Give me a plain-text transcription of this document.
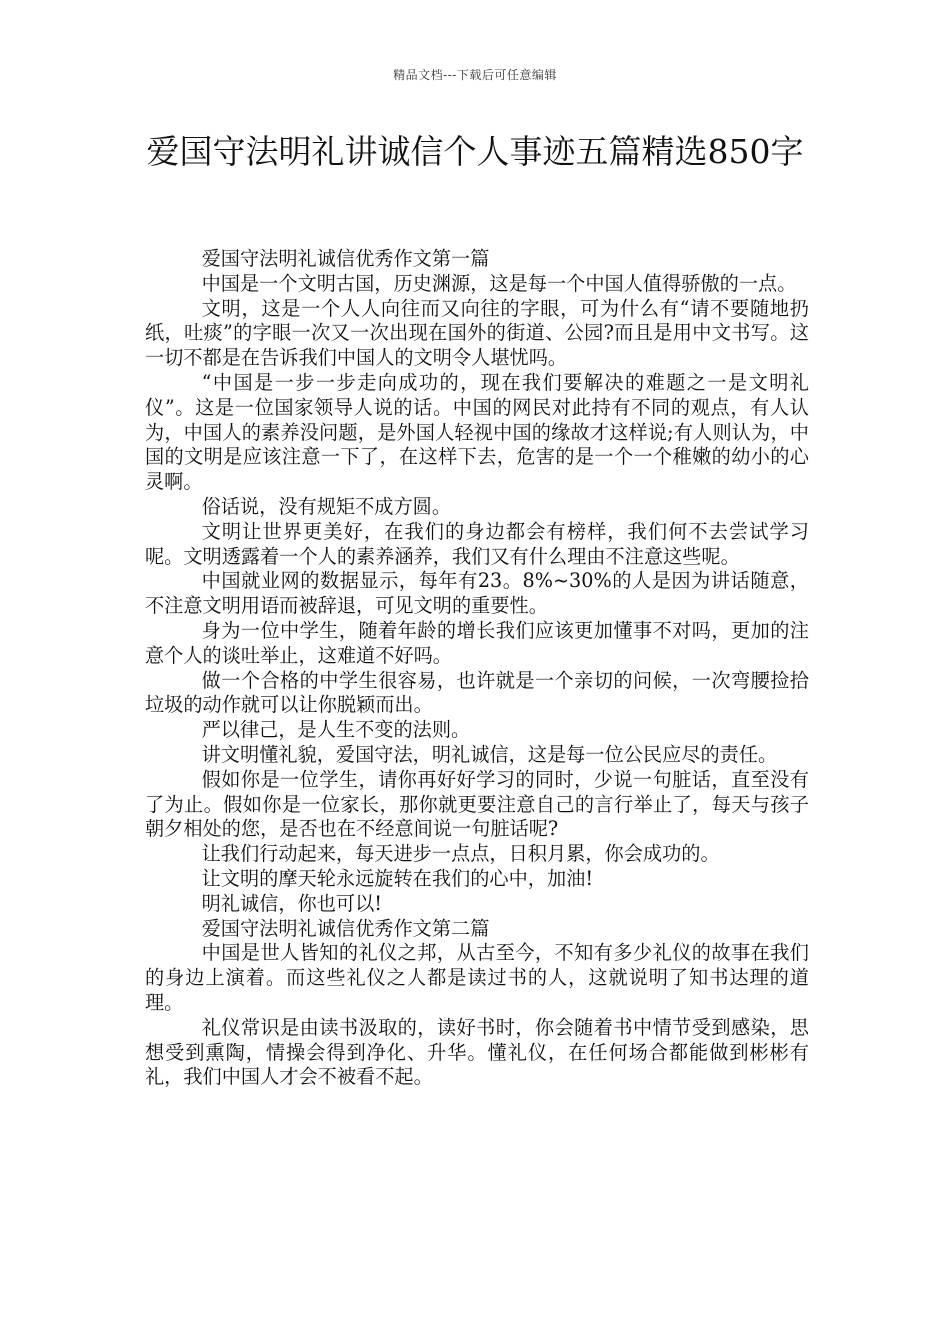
精品文档---下载后可任意编辑
爱国守法明礼讲诚信个人事迹五篇精选850字

爱国守法明礼诚信优秀作文第一篇

中国是一个文明古国，历史渊源，这是每一个中国人值得骄傲的一点。

文明，这是一个人人向往而又向往的字眼，可为什么有“请不要随地扔纸，吐痰”的字眼一次又一次出现在国外的街道、公园?而且是用中文书写。这一切不都是在告诉我们中国人的文明令人堪忧吗。

“中国是一步一步走向成功的，现在我们要解决的难题之一是文明礼仪”。这是一位国家领导人说的话。中国的网民对此持有不同的观点，有人认为，中国人的素养没问题，是外国人轻视中国的缘故才这样说;有人则认为，中国的文明是应该注意一下了，在这样下去，危害的是一个一个稚嫩的幼小的心灵啊。

俗话说，没有规矩不成方圆。

文明让世界更美好，在我们的身边都会有榜样，我们何不去尝试学习呢。文明透露着一个人的素养涵养，我们又有什么理由不注意这些呢。

中国就业网的数据显示，每年有23。8%~30%的人是因为讲话随意，不注意文明用语而被辞退，可见文明的重要性。

身为一位中学生，随着年龄的增长我们应该更加懂事不对吗，更加的注意个人的谈吐举止，这难道不好吗。

做一个合格的中学生很容易，也许就是一个亲切的问候，一次弯腰捡拾垃圾的动作就可以让你脱颖而出。

严以律己，是人生不变的法则。

讲文明懂礼貌，爱国守法，明礼诚信，这是每一位公民应尽的责任。

假如你是一位学生，请你再好好学习的同时，少说一句脏话，直至没有了为止。假如你是一位家长，那你就更要注意自己的言行举止了，每天与孩子朝夕相处的您，是否也在不经意间说一句脏话呢?

让我们行动起来，每天进步一点点，日积月累，你会成功的。

让文明的摩天轮永远旋转在我们的心中，加油!

明礼诚信，你也可以!

爱国守法明礼诚信优秀作文第二篇

中国是世人皆知的礼仪之邦，从古至今，不知有多少礼仪的故事在我们的身边上演着。而这些礼仪之人都是读过书的人，这就说明了知书达理的道理。

礼仪常识是由读书汲取的，读好书时，你会随着书中情节受到感染，思想受到熏陶，情操会得到净化、升华。懂礼仪，在任何场合都能做到彬彬有礼，我们中国人才会不被看不起。
